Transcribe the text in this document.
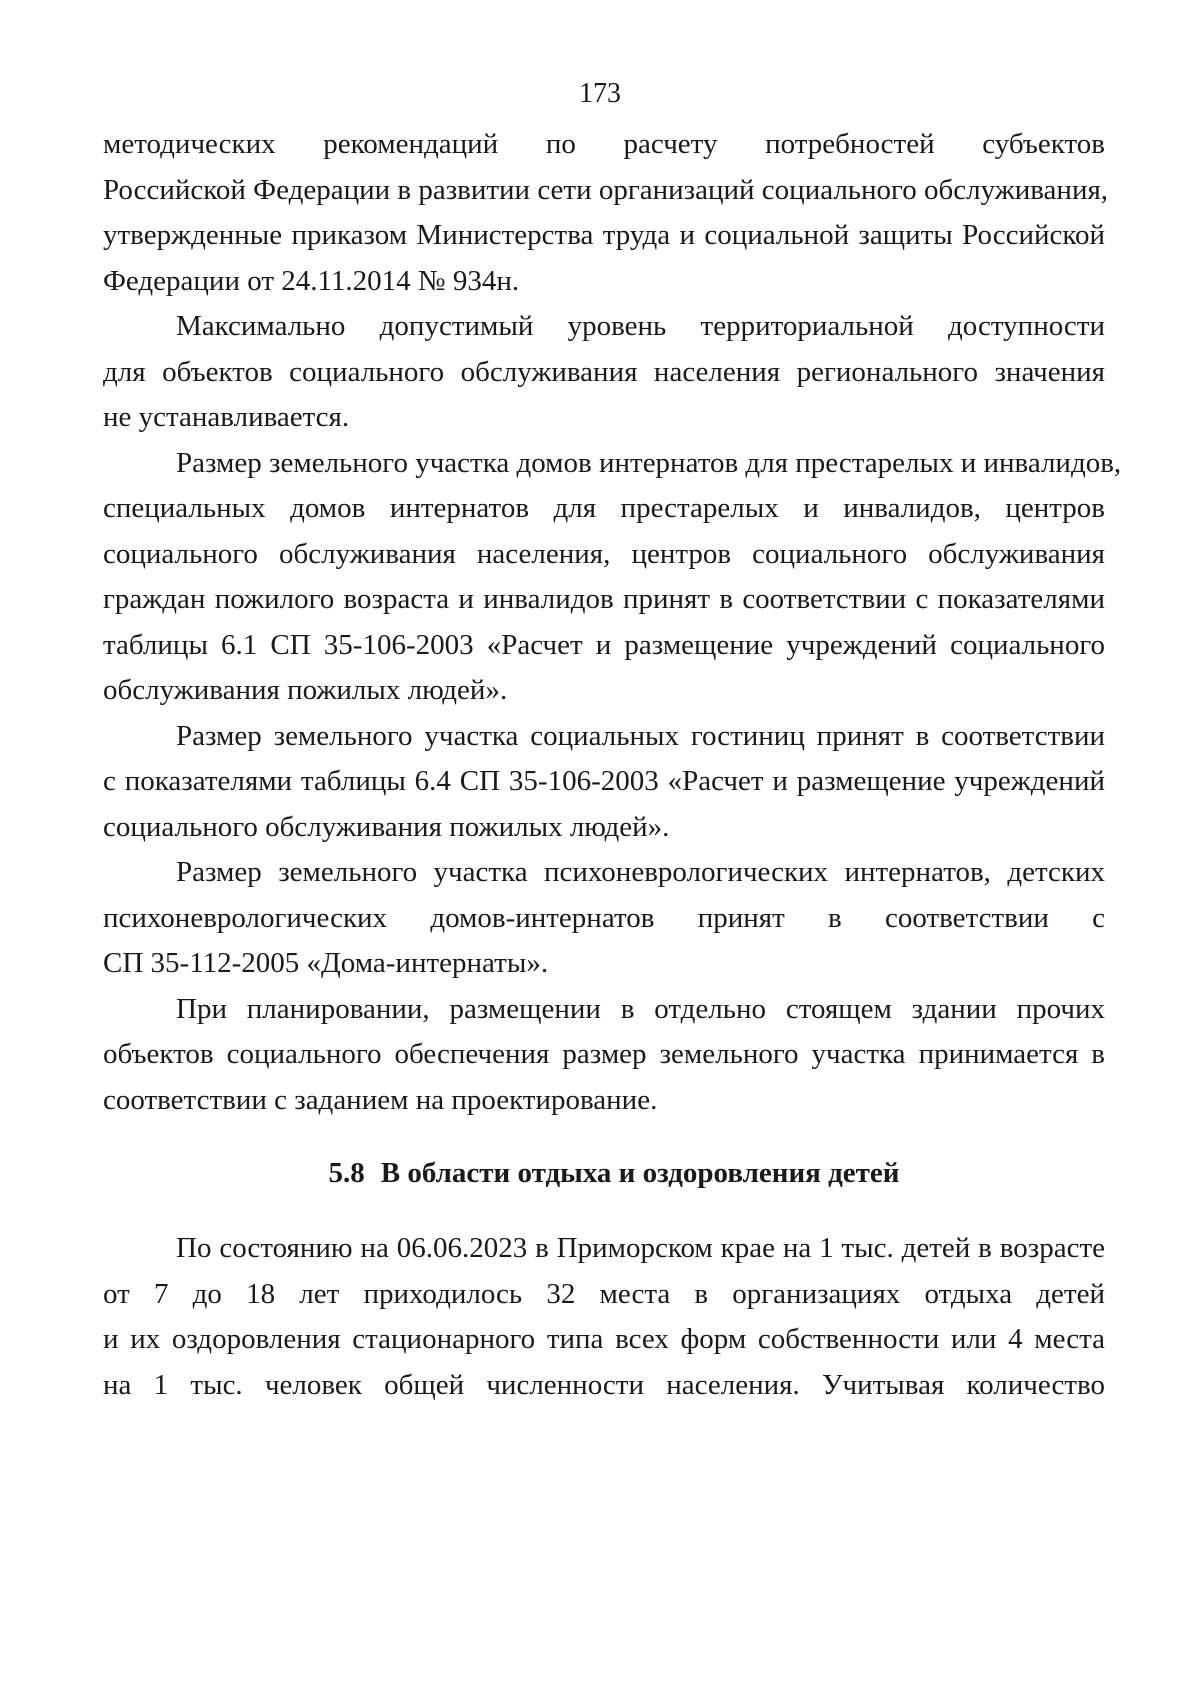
173
методических рекомендаций по расчету потребностей субъектов
Российской Федерации в развитии сети организаций социального обслуживания,
утвержденные приказом Министерства труда и социальной защиты Российской
Федерации от 24.11.2014 № 934н.
Максимально допустимый уровень территориальной доступности
для объектов социального обслуживания населения регионального значения
не устанавливается.
Размер земельного участка домов интернатов для престарелых и инвалидов,
специальных домов интернатов для престарелых и инвалидов, центров
социального обслуживания населения, центров социального обслуживания
граждан пожилого возраста и инвалидов принят в соответствии с показателями
таблицы 6.1 СП 35-106-2003 «Расчет и размещение учреждений социального
обслуживания пожилых людей».
Размер земельного участка социальных гостиниц принят в соответствии
с показателями таблицы 6.4 СП 35-106-2003 «Расчет и размещение учреждений
социального обслуживания пожилых людей».
Размер земельного участка психоневрологических интернатов, детских
психоневрологических домов-интернатов принят в соответствии с
СП 35-112-2005 «Дома-интернаты».
При планировании, размещении в отдельно стоящем здании прочих
объектов социального обеспечения размер земельного участка принимается в
соответствии с заданием на проектирование.
5.8 В области отдыха и оздоровления детей
По состоянию на 06.06.2023 в Приморском крае на 1 тыс. детей в возрасте
от 7 до 18 лет приходилось 32 места в организациях отдыха детей
и их оздоровления стационарного типа всех форм собственности или 4 места
на 1 тыс. человек общей численности населения. Учитывая количество
